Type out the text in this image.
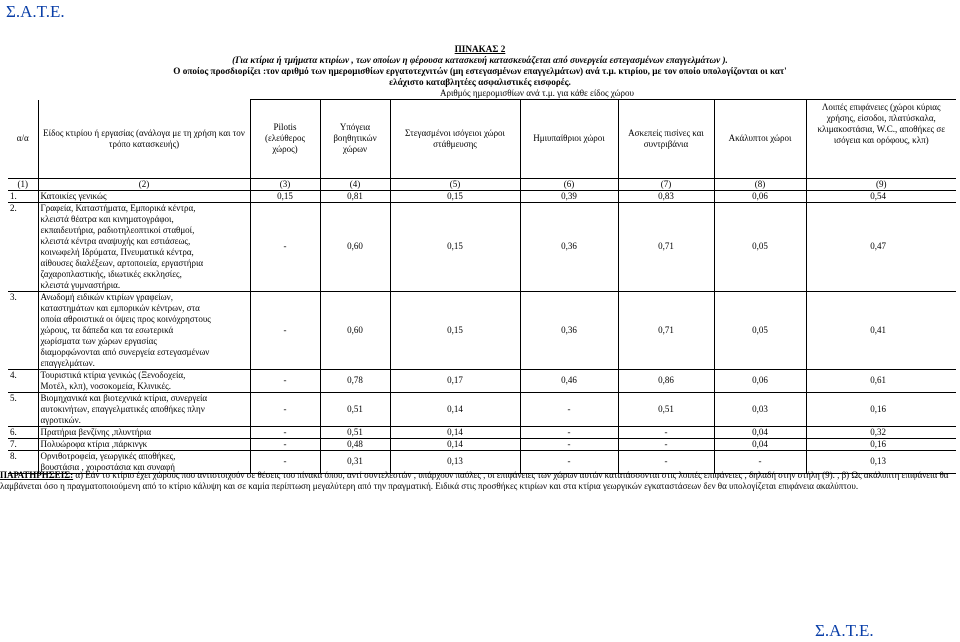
Σ.Α.Τ.Ε.
ΠΙΝΑΚΑΣ 2
(Για κτίρια ή τμήματα κτιρίων , των οποίων η φέρουσα κατασκευή κατασκευάζεται από συνεργεία εστεγασμένων επαγγελμάτων ).
Ο οποίος προσδιορίζει :τον αριθμό των ημερομισθίων εργατοτεχνιτών (μη εστεγασμένων επαγγελμάτων) ανά τ.μ. κτιρίου, με τον οποίο υπολογίζονται οι κατ'
ελάχιστο καταβλητέες ασφαλιστικές εισφορές.
		Αριθμός ημερομισθίων ανά τ.μ. για κάθε είδος χώρου						
α/α	Είδος κτιρίου ή εργασίας (ανάλογα με τη χρήση και τον τρόπο κατασκευής)	Pilotis (ελεύθερος χώρος)	Υπόγεια βοηθητικών χώρων	Στεγασμένοι ισόγειοι χώροι στάθμευσης	Ημιυπαίθριοι χώροι	Ασκεπείς πισίνες και συντριβάνια	Ακάλυπτοι χώροι	Λοιπές επιφάνειες (χώροι κύριας χρήσης, είσοδοι, πλατύσκαλα, κλιμακοστάσια, W.C., αποθήκες σε ισόγεια και ορόφους, κλπ)
(1)	(2)	(3)	(4)	(5)	(6)	(7)	(8)	(9)
1.	Κατοικίες γενικώς	0,15	0,81	0,15	0,39	0,83	0,06	0,54
2.	Γραφεία, Καταστήματα, Εμπορικά κέντρα,	-	0,60	0,15	0,36	0,71	0,05	0,47
	κλειστά θέατρα και κινηματογράφοι,							
	εκπαιδευτήρια, ραδιοτηλεοπτικοί σταθμοί,							
	κλειστά κέντρα αναψυχής και εστιάσεως,							
	κοινωφελή Ιδρύματα, Πνευματικά κέντρα,							
	αίθουσες διαλέξεων, αρτοποιεία, εργαστήρια							
	ζαχαροπλαστικής, ιδιωτικές εκκλησίες,							
	κλειστά γυμναστήρια.							
3.	Ανωδομή ειδικών κτιρίων γραφείων,	-	0,60	0,15	0,36	0,71	0,05	0,41
	καταστημάτων και εμπορικών κέντρων, στα							
	οποία αθροιστικά οι όψεις προς κοινόχρηστους							
	χώρους, τα δάπεδα και τα εσωτερικά							
	χωρίσματα των χώρων εργασίας							
	διαμορφώνονται από συνεργεία εστεγασμένων							
	επαγγελμάτων.							
4.	Τουριστικά κτίρια γενικώς (Ξενοδοχεία,	-	0,78	0,17	0,46	0,86	0,06	0,61
	Μοτέλ, κλπ), νοσοκομεία, Κλινικές.							
5.	Βιομηχανικά και βιοτεχνικά κτίρια, συνεργεία	-	0,51	0,14	-	0,51	0,03	0,16
	αυτοκινήτων, επαγγελματικές αποθήκες πλην							
	αγροτικών.							
6.	Πρατήρια βενζίνης ,πλυντήρια	-	0,51	0,14	-	-	0,04	0,32
7.	Πολυώροφα κτίρια ,πάρκινγκ	-	0,48	0,14	-	-	0,04	0,16
8.	Ορνιθοτροφεία, γεωργικές αποθήκες,	-	0,31	0,13	-	-	-	0,13
	βουστάσια , χοιροστάσια και συναφή							
ΠΑΡΑΤΗΡΗΣΕΙΣ: α) Εάν το κτίριο έχει χώρους που αντιστοιχούν σε θέσεις του πίνακα όπου, αντί συντελεστών , υπάρχουν παύλες , οι επιφάνειες των χώρων αυτών κατατάσσονται στις λοιπές επιφάνειες , δηλαδή στην στήλη (9). , β) Ως ακάλυπτη επιφάνεια θα λαμβάνεται όσο η πραγματοποιούμενη από το κτίριο κάλυψη και σε καμία περίπτωση μεγαλύτερη από την πραγματική. Ειδικά στις προσθήκες κτιρίων και στα κτίρια γεωργικών εγκαταστάσεων δεν θα υπολογίζεται επιφάνεια ακαλύπτου.
Σ.Α.Τ.Ε.
